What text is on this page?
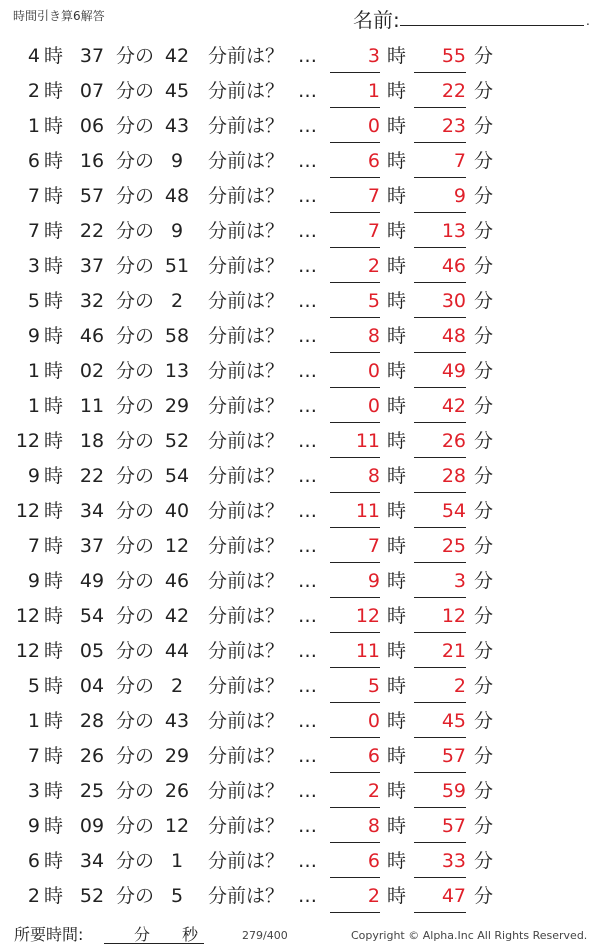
時間引き算6解答	名前:	.
4 時 37 分の 42 分前は？ …	3 時	55 分
2 時 07 分の 45 分前は？ …	1 時	22 分
1 時 06 分の 43 分前は？ …	0 時	23 分
6 時 16 分の 9	分前は？ …	6 時	7 分
7 時 57 分の 48 分前は？ …	7 時	9 分
7 時 22 分の 9	分前は？ …	7 時	13 分
3 時 37 分の 51 分前は？ …	2 時	46 分
5 時 32 分の 2	分前は？ …	5 時	30 分
9 時 46 分の 58 分前は？ …	8 時	48 分
1 時 02 分の 13 分前は？ …	0 時	49 分
1 時 11 分の 29 分前は？ …	0 時	42 分
12 時 18 分の 52 分前は？ …	11 時	26 分
9 時 22 分の 54 分前は？ …	8 時	28 分
12 時 34 分の 40 分前は？ …	11 時	54 分
7 時 37 分の 12 分前は？ …	7 時	25 分
9 時 49 分の 46 分前は？ …	9 時	3 分
12 時 54 分の 42 分前は？ …	12 時	12 分
12 時 05 分の 44 分前は？ …	11 時	21 分
5 時 04 分の 2	分前は？ …	5 時	2 分
1 時 28 分の 43 分前は？ …	0 時	45 分
7 時 26 分の 29 分前は？ …	6 時	57 分
3 時 25 分の 26 分前は？ …	2 時	59 分
9 時 09 分の 12 分前は？ …	8 時	57 分
6 時 34 分の 1	分前は？ …	6 時	33 分
2 時 52 分の 5	分前は？ …	2 時	47 分
所要時間:	分 秒	279/400	Copyright © Alpha.Inc All Rights Reserved.
